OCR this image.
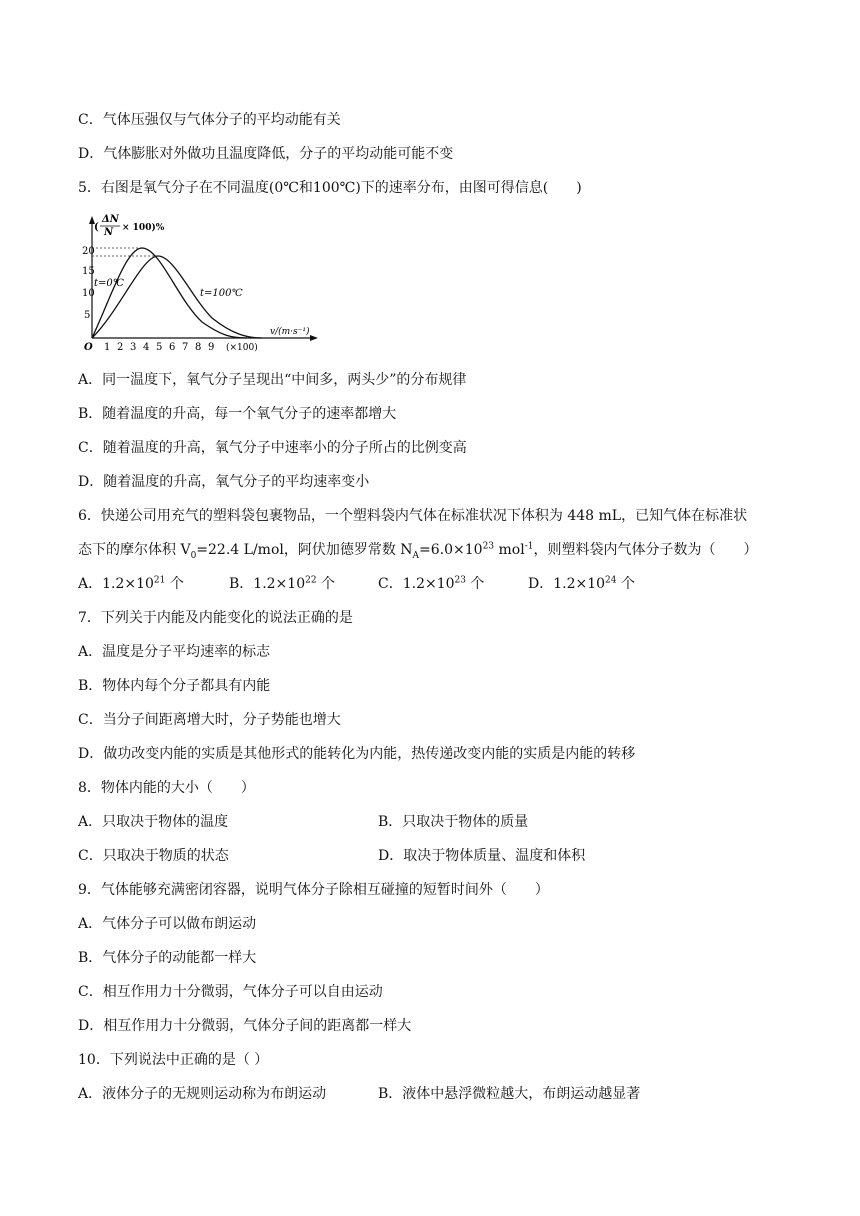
C．气体压强仅与气体分子的平均动能有关
D．气体膨胀对外做功且温度降低，分子的平均动能可能不变
5．右图是氧气分子在不同温度(0℃和100℃)下的速率分布，由图可得信息(　　)
ΔN
N
(	× 100)%
20
15
10
5
t=0℃
t=100℃
O 1 2 3 4 5 6 7 8 9 (×100)
v/(m·s⁻¹)
A．同一温度下，氧气分子呈现出“中间多，两头少”的分布规律
B．随着温度的升高，每一个氧气分子的速率都增大
C．随着温度的升高，氧气分子中速率小的分子所占的比例变高
D．随着温度的升高，氧气分子的平均速率变小
6．快递公司用充气的塑料袋包裹物品，一个塑料袋内气体在标准状况下体积为 448 mL，已知气体在标准状
态下的摩尔体积 $V_0=22.4$ L/mol，阿伏加德罗常数 $N_A=6.0\times 10^{23}$ mol$^{-1}$，则塑料袋内气体分子数为（　　）
A．$1.2\times 10^{21}$ 个	B．$1.2\times 10^{22}$ 个	C．$1.2\times 10^{23}$ 个	D．$1.2\times 10^{24}$ 个
7．下列关于内能及内能变化的说法正确的是
A．温度是分子平均速率的标志
B．物体内每个分子都具有内能
C．当分子间距离增大时，分子势能也增大
D．做功改变内能的实质是其他形式的能转化为内能，热传递改变内能的实质是内能的转移
8．物体内能的大小（　　）
A．只取决于物体的温度	B．只取决于物体的质量
C．只取决于物质的状态	D．取决于物体质量、温度和体积
9．气体能够充满密闭容器，说明气体分子除相互碰撞的短暂时间外（　　）
A．气体分子可以做布朗运动
B．气体分子的动能都一样大
C．相互作用力十分微弱，气体分子可以自由运动
D．相互作用力十分微弱，气体分子间的距离都一样大
10．下列说法中正确的是（ ）
A．液体分子的无规则运动称为布朗运动	B．液体中悬浮微粒越大，布朗运动越显著
